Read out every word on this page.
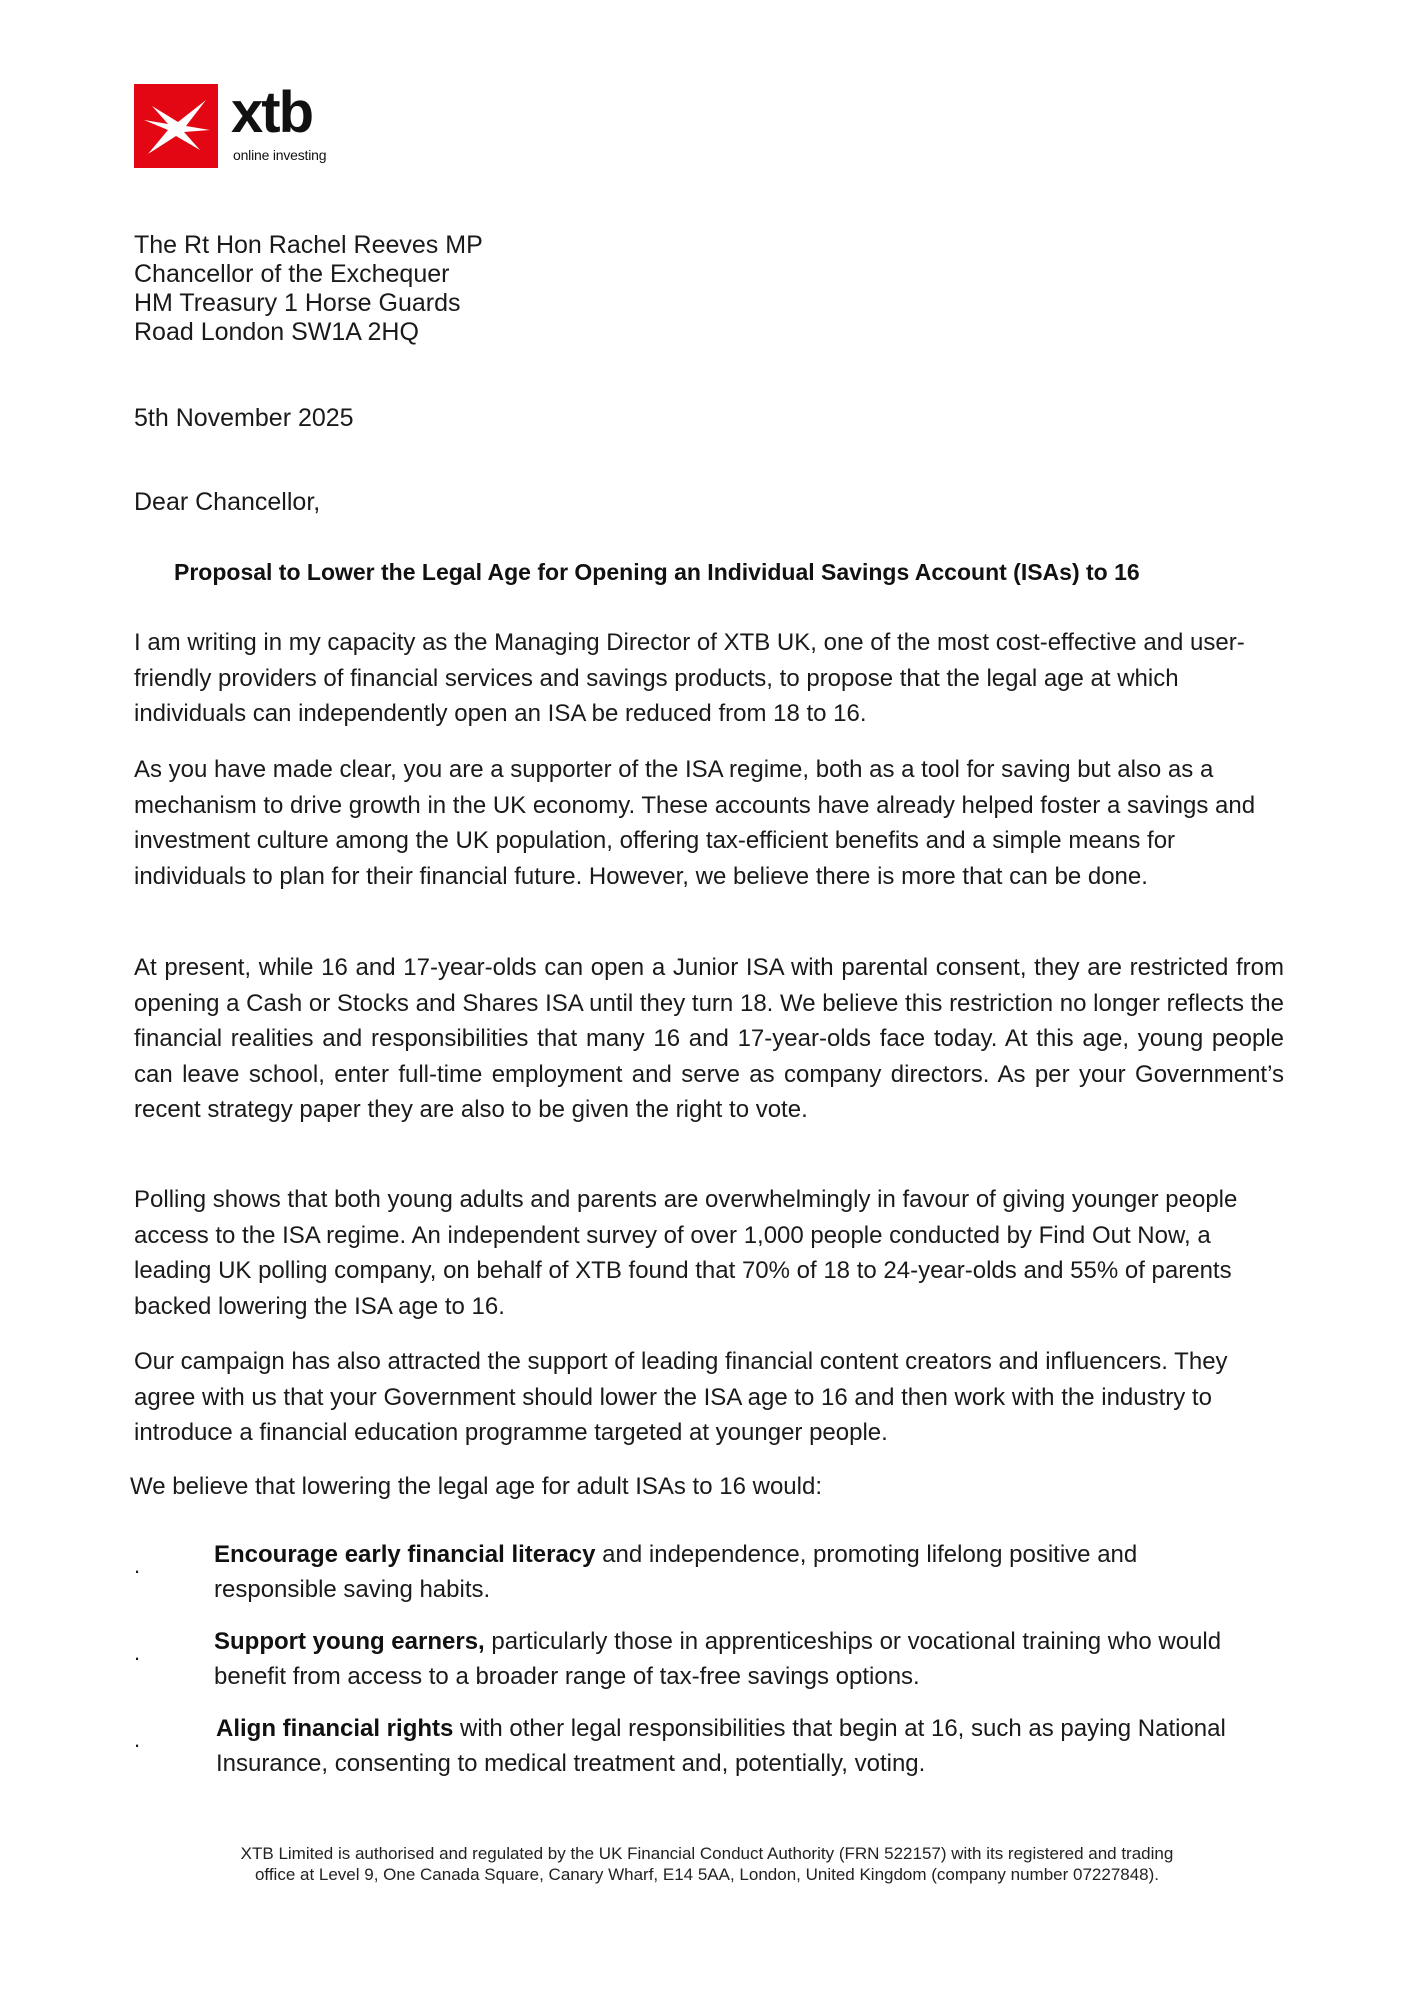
xtb
online investing
The Rt Hon Rachel Reeves MP
Chancellor of the Exchequer
HM Treasury 1 Horse Guards
Road London SW1A 2HQ
5th November 2025
Dear Chancellor,
Proposal to Lower the Legal Age for Opening an Individual Savings Account (ISAs) to 16
I am writing in my capacity as the Managing Director of XTB UK, one of the most cost-effective and user-friendly providers of financial services and savings products, to propose that the legal age at which individuals can independently open an ISA be reduced from 18 to 16.
As you have made clear, you are a supporter of the ISA regime, both as a tool for saving but also as a mechanism to drive growth in the UK economy. These accounts have already helped foster a savings and investment culture among the UK population, offering tax-efficient benefits and a simple means for individuals to plan for their financial future. However, we believe there is more that can be done.
At present, while 16 and 17-year-olds can open a Junior ISA with parental consent, they are restricted from opening a Cash or Stocks and Shares ISA until they turn 18. We believe this restriction no longer reflects the financial realities and responsibilities that many 16 and 17-year-olds face today. At this age, young people can leave school, enter full-time employment and serve as company directors. As per your Government’s recent strategy paper they are also to be given the right to vote.
Polling shows that both young adults and parents are overwhelmingly in favour of giving younger people access to the ISA regime. An independent survey of over 1,000 people conducted by Find Out Now, a leading UK polling company, on behalf of XTB found that 70% of 18 to 24-year-olds and 55% of parents backed lowering the ISA age to 16.
Our campaign has also attracted the support of leading financial content creators and influencers. They agree with us that your Government should lower the ISA age to 16 and then work with the industry to introduce a financial education programme targeted at younger people.
We believe that lowering the legal age for adult ISAs to 16 would:
.	Encourage early financial literacy and independence, promoting lifelong positive and responsible saving habits.
.	Support young earners, particularly those in apprenticeships or vocational training who would benefit from access to a broader range of tax-free savings options.
.	Align financial rights with other legal responsibilities that begin at 16, such as paying National Insurance, consenting to medical treatment and, potentially, voting.
XTB Limited is authorised and regulated by the UK Financial Conduct Authority (FRN 522157) with its registered and trading
office at Level 9, One Canada Square, Canary Wharf, E14 5AA, London, United Kingdom (company number 07227848).
